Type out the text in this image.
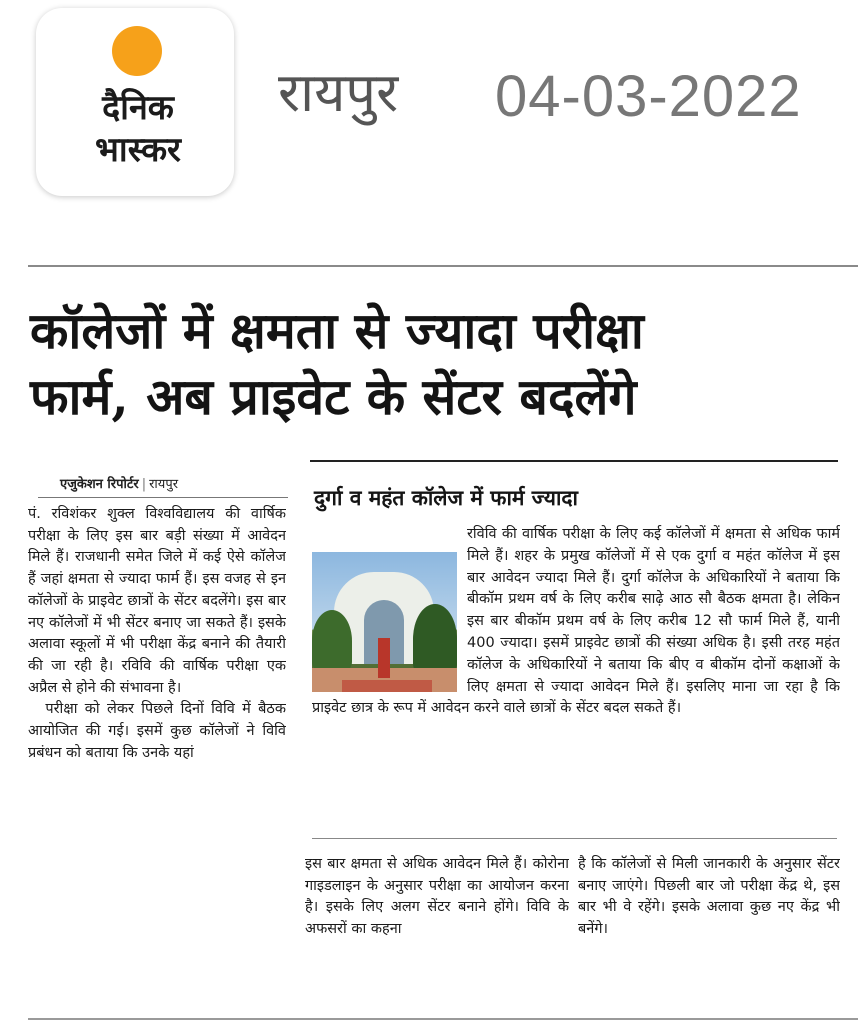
दैनिक
भास्कर
रायपुर 04-03-2022
कॉलेजों में क्षमता से ज्यादा परीक्षा
फार्म, अब प्राइवेट के सेंटर बदलेंगे
एजुकेशन रिपोर्टर | रायपुर

पं. रविशंकर शुक्ल विश्वविद्यालय की वार्षिक परीक्षा के लिए इस बार बड़ी संख्या में आवेदन मिले हैं। राजधानी समेत जिले में कई ऐसे कॉलेज हैं जहां क्षमता से ज्यादा फार्म हैं। इस वजह से इन कॉलेजों के प्राइवेट छात्रों के सेंटर बदलेंगे। इस बार नए कॉलेजों में भी सेंटर बनाए जा सकते हैं। इसके अलावा स्कूलों में भी परीक्षा केंद्र बनाने की तैयारी की जा रही है। रविवि की वार्षिक परीक्षा एक अप्रैल से होने की संभावना है।

परीक्षा को लेकर पिछले दिनों विवि में बैठक आयोजित की गई। इसमें कुछ कॉलेजों ने विवि प्रबंधन को बताया कि उनके यहां

दुर्गा व महंत कॉलेज में फार्म ज्यादा
रविवि की वार्षिक परीक्षा के लिए कई कॉलेजों में क्षमता से अधिक फार्म मिले हैं। शहर के प्रमुख कॉलेजों में से एक दुर्गा व महंत कॉलेज में इस बार आवेदन ज्यादा मिले हैं। दुर्गा कॉलेज के अधिकारियों ने बताया कि बीकॉम प्रथम वर्ष के लिए करीब साढ़े आठ सौ बैठक क्षमता है। लेकिन इस बार बीकॉम प्रथम वर्ष के लिए करीब 12 सौ फार्म मिले हैं, यानी 400 ज्यादा। इसमें प्राइवेट छात्रों की संख्या अधिक है। इसी तरह महंत कॉलेज के अधिकारियों ने बताया कि बीए व बीकॉम दोनों कक्षाओं के लिए क्षमता से ज्यादा आवेदन मिले हैं। इसलिए माना जा रहा है कि प्राइवेट छात्र के रूप में आवेदन करने वाले छात्रों के सेंटर बदल सकते हैं।

इस बार क्षमता से अधिक आवेदन मिले हैं। कोरोना गाइडलाइन के अनुसार परीक्षा का आयोजन करना है। इसके लिए अलग सेंटर बनाने होंगे। विवि के अफसरों का कहना

है कि कॉलेजों से मिली जानकारी के अनुसार सेंटर बनाए जाएंगे। पिछली बार जो परीक्षा केंद्र थे, इस बार भी वे रहेंगे। इसके अलावा कुछ नए केंद्र भी बनेंगे।
